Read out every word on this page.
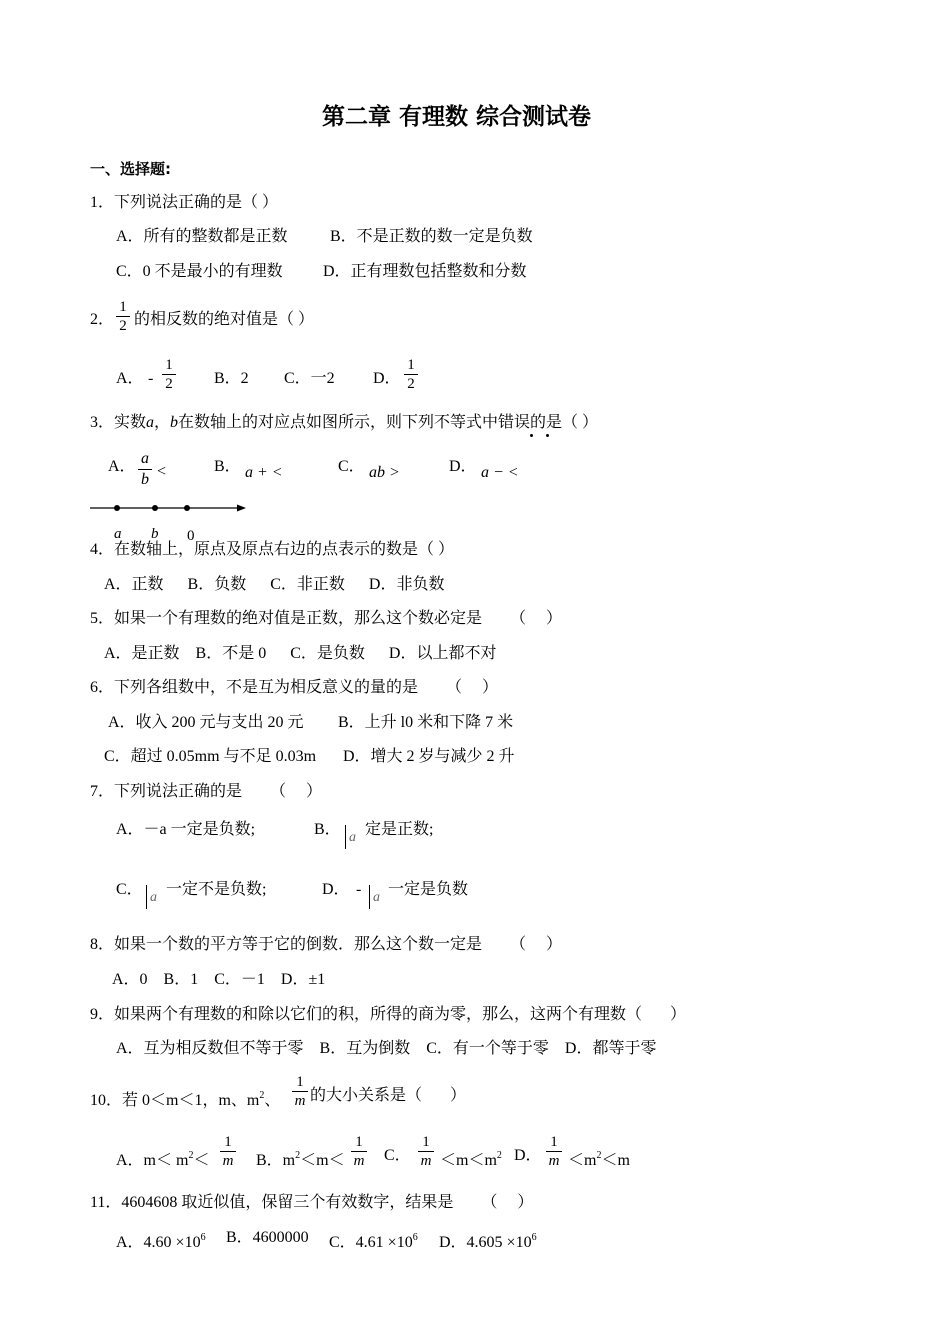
第二章 有理数 综合测试卷
一、选择题:
1．下列说法正确的是（ ）
A．所有的整数都是正数	B．不是正数的数一定是负数
C．0 不是最小的有理数	D．正有理数包括整数和分数
2．
1
2 的相反数的绝对值是（ ）
A． -
1
2	B．2 C．一2 D．
1
2
3．实数a，b在数轴上的对应点如图所示，则下列不等式中错误的是（ ）
A． a
b <	B． a + <	C． ab >	D． a − <
a b 0
4．在数轴上，原点及原点右边的点表示的数是（ ）
A．正数      B．负数      C．非正数      D．非负数
5．如果一个有理数的绝对值是正数，那么这个数必定是       （     ）
A．是正数    B．不是 0      C．是负数      D．以上都不对
6．下列各组数中，不是互为相反意义的量的是       （     ）
A．收入 200 元与支出 20 元 B．上升 l0 米和下降 7 米
C．超过 0.05mm 与不足 0.03m D．增大 2 岁与减少 2 升
7．下列说法正确的是       （     ）
A．－a 一定是负数;	B． a 定是正数;
C． a 一定不是负数;	D． - a 一定是负数
8．如果一个数的平方等于它的倒数．那么这个数一定是       （     ）
A．0    B．1    C．－1    D．±1
9．如果两个有理数的和除以它们的积，所得的商为零，那么，这两个有理数（       ）
A．互为相反数但不等于零    B．互为倒数    C．有一个等于零    D．都等于零
10．若 0＜m＜1，m、$m^2$、
1
m 的大小关系是（       ）
A．$m< m^2<$
1
m B．$m^2<m<$
1
m C．
1
$m <m<m^2$ D．
1
$m <m^2<m$
11．4604608 取近似值，保留三个有效数字，结果是       （     ）
A．$4.60 \times 10^6$ B．4600000 C．$4.61 \times 10^6$ D．$4.605 \times 10^6$
